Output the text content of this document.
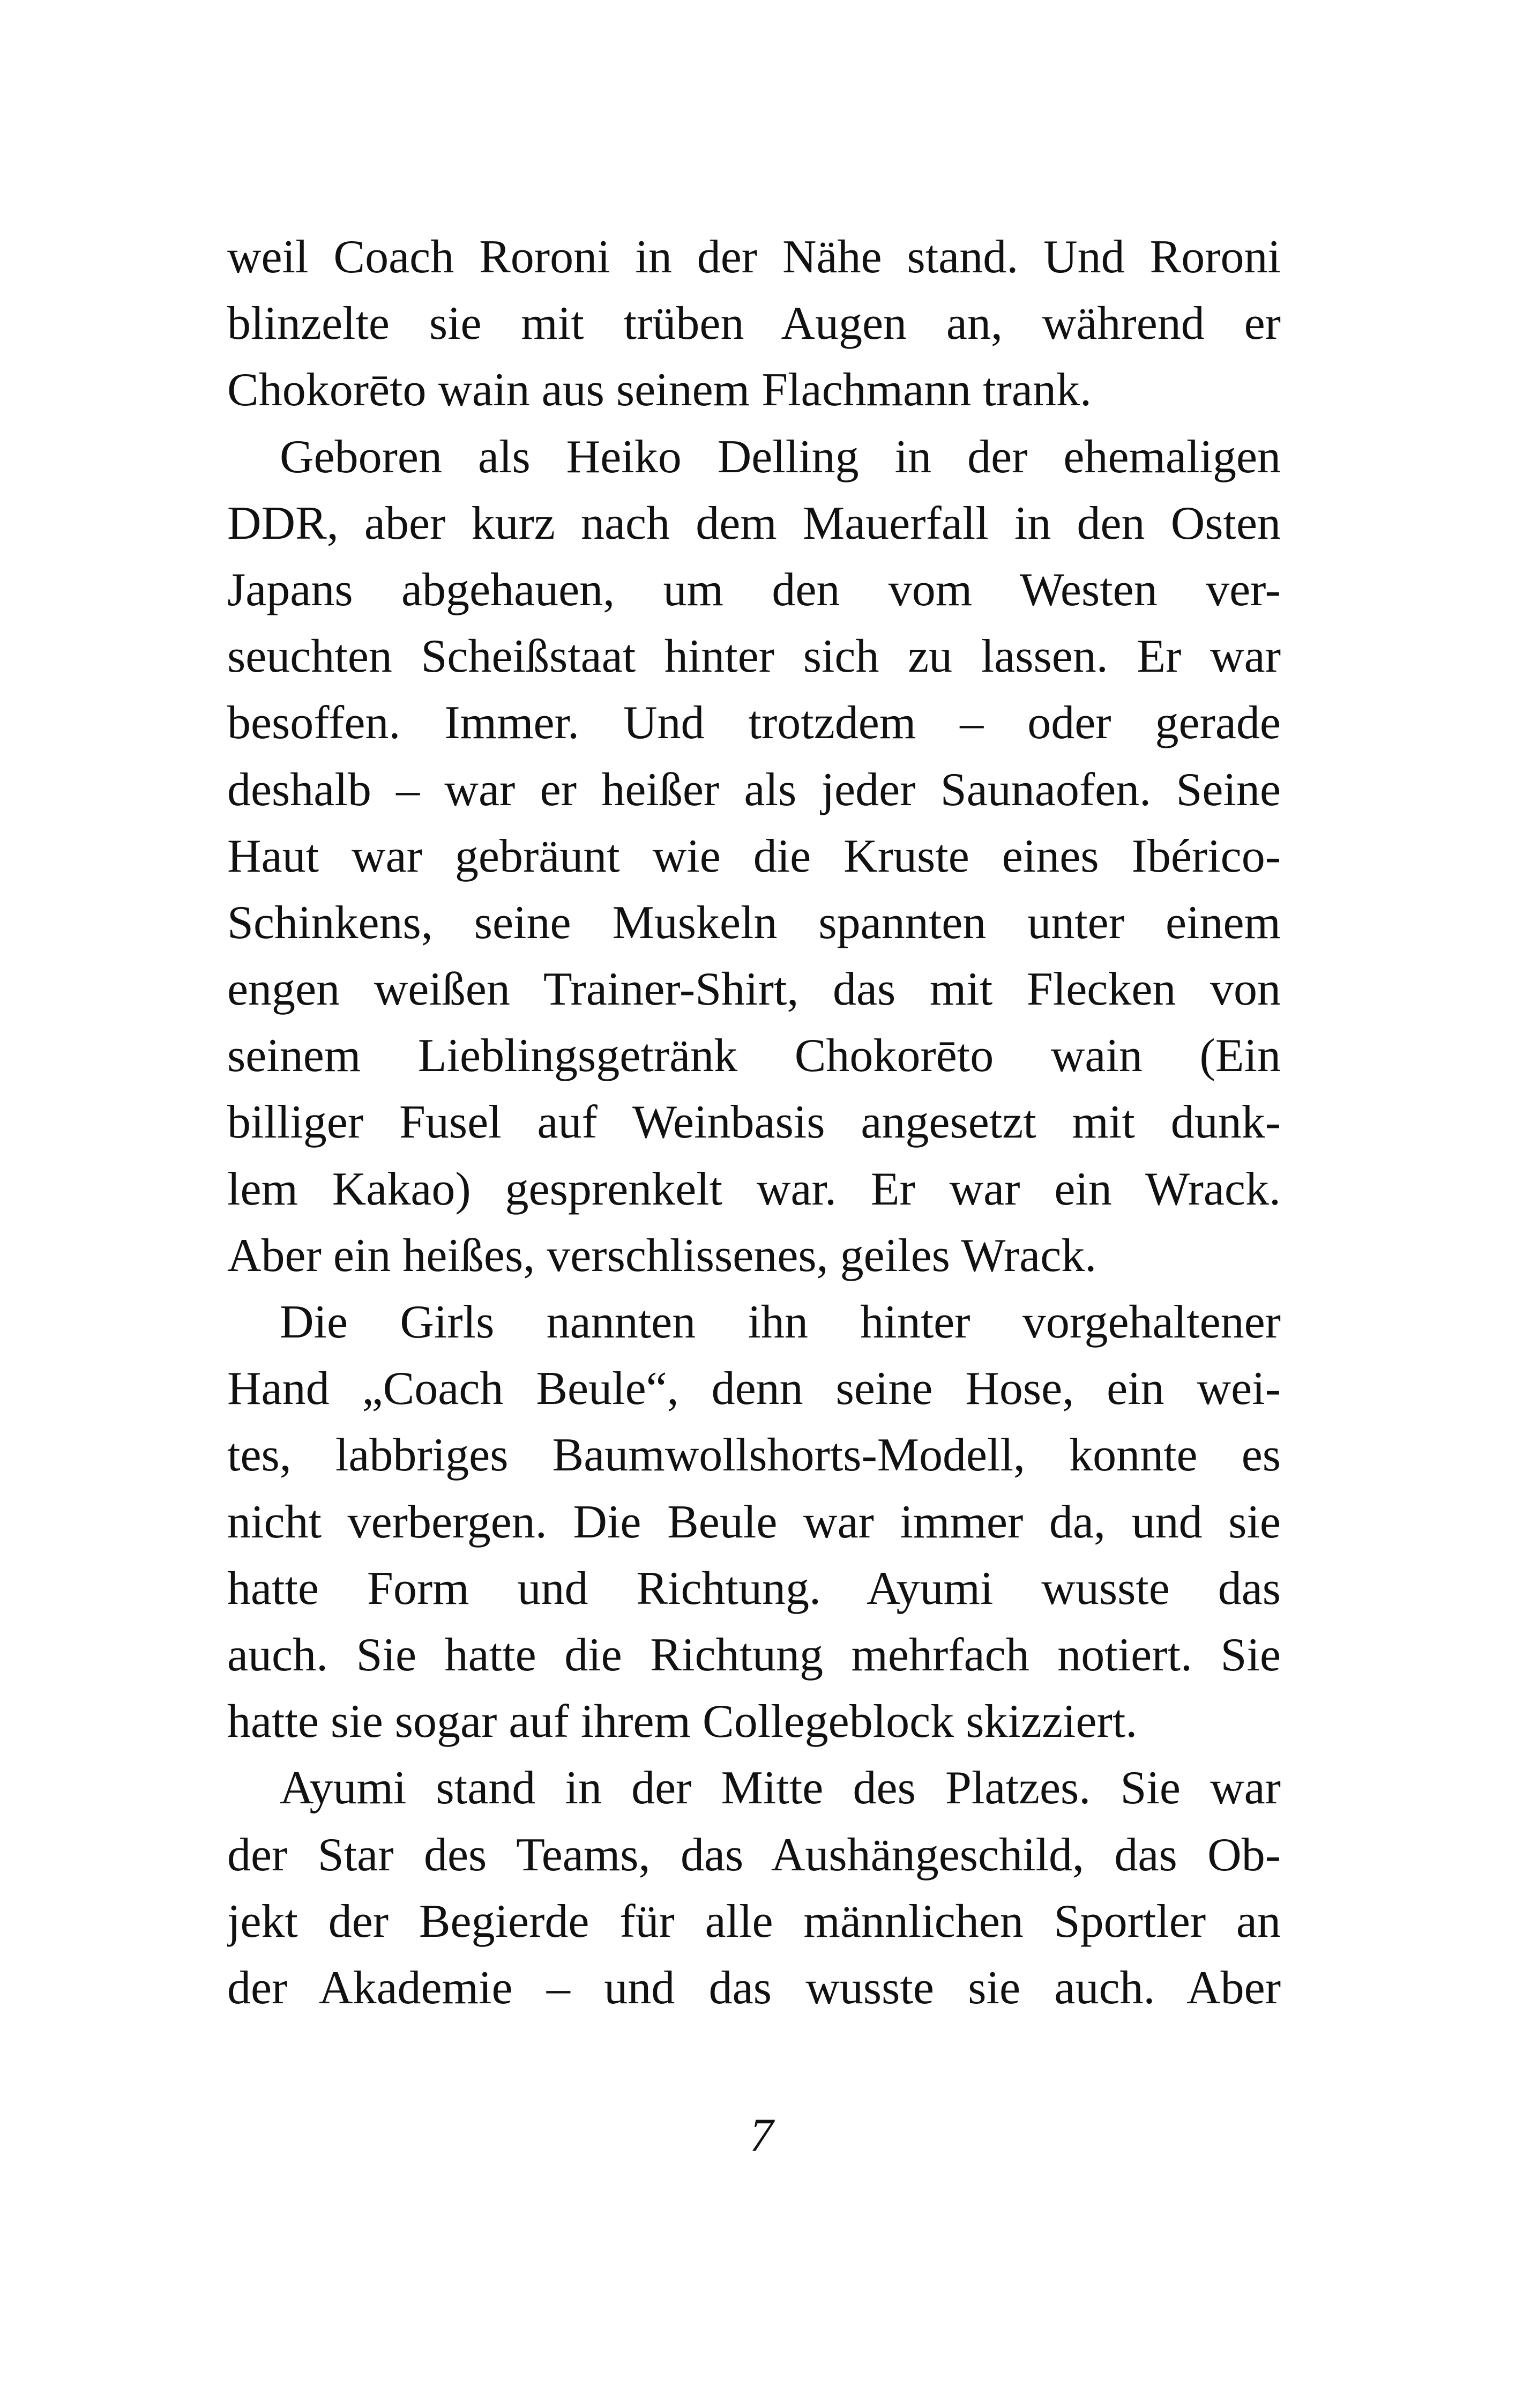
weil Coach Roroni in der Nähe stand. Und Roroni
blinzelte sie mit trüben Augen an, während er
Chokorēto wain aus seinem Flachmann trank.
Geboren als Heiko Delling in der ehemaligen
DDR, aber kurz nach dem Mauerfall in den Osten
Japans abgehauen, um den vom Westen ver-
seuchten Scheißstaat hinter sich zu lassen. Er war
besoffen. Immer. Und trotzdem – oder gerade
deshalb – war er heißer als jeder Saunaofen. Seine
Haut war gebräunt wie die Kruste eines Ibérico-
Schinkens, seine Muskeln spannten unter einem
engen weißen Trainer-Shirt, das mit Flecken von
seinem Lieblingsgetränk Chokorēto wain (Ein
billiger Fusel auf Weinbasis angesetzt mit dunk-
lem Kakao) gesprenkelt war. Er war ein Wrack.
Aber ein heißes, verschlissenes, geiles Wrack.
Die Girls nannten ihn hinter vorgehaltener
Hand „Coach Beule“, denn seine Hose, ein wei-
tes, labbriges Baumwollshorts-Modell, konnte es
nicht verbergen. Die Beule war immer da, und sie
hatte Form und Richtung. Ayumi wusste das
auch. Sie hatte die Richtung mehrfach notiert. Sie
hatte sie sogar auf ihrem Collegeblock skizziert.
Ayumi stand in der Mitte des Platzes. Sie war
der Star des Teams, das Aushängeschild, das Ob-
jekt der Begierde für alle männlichen Sportler an
der Akademie – und das wusste sie auch. Aber
7
